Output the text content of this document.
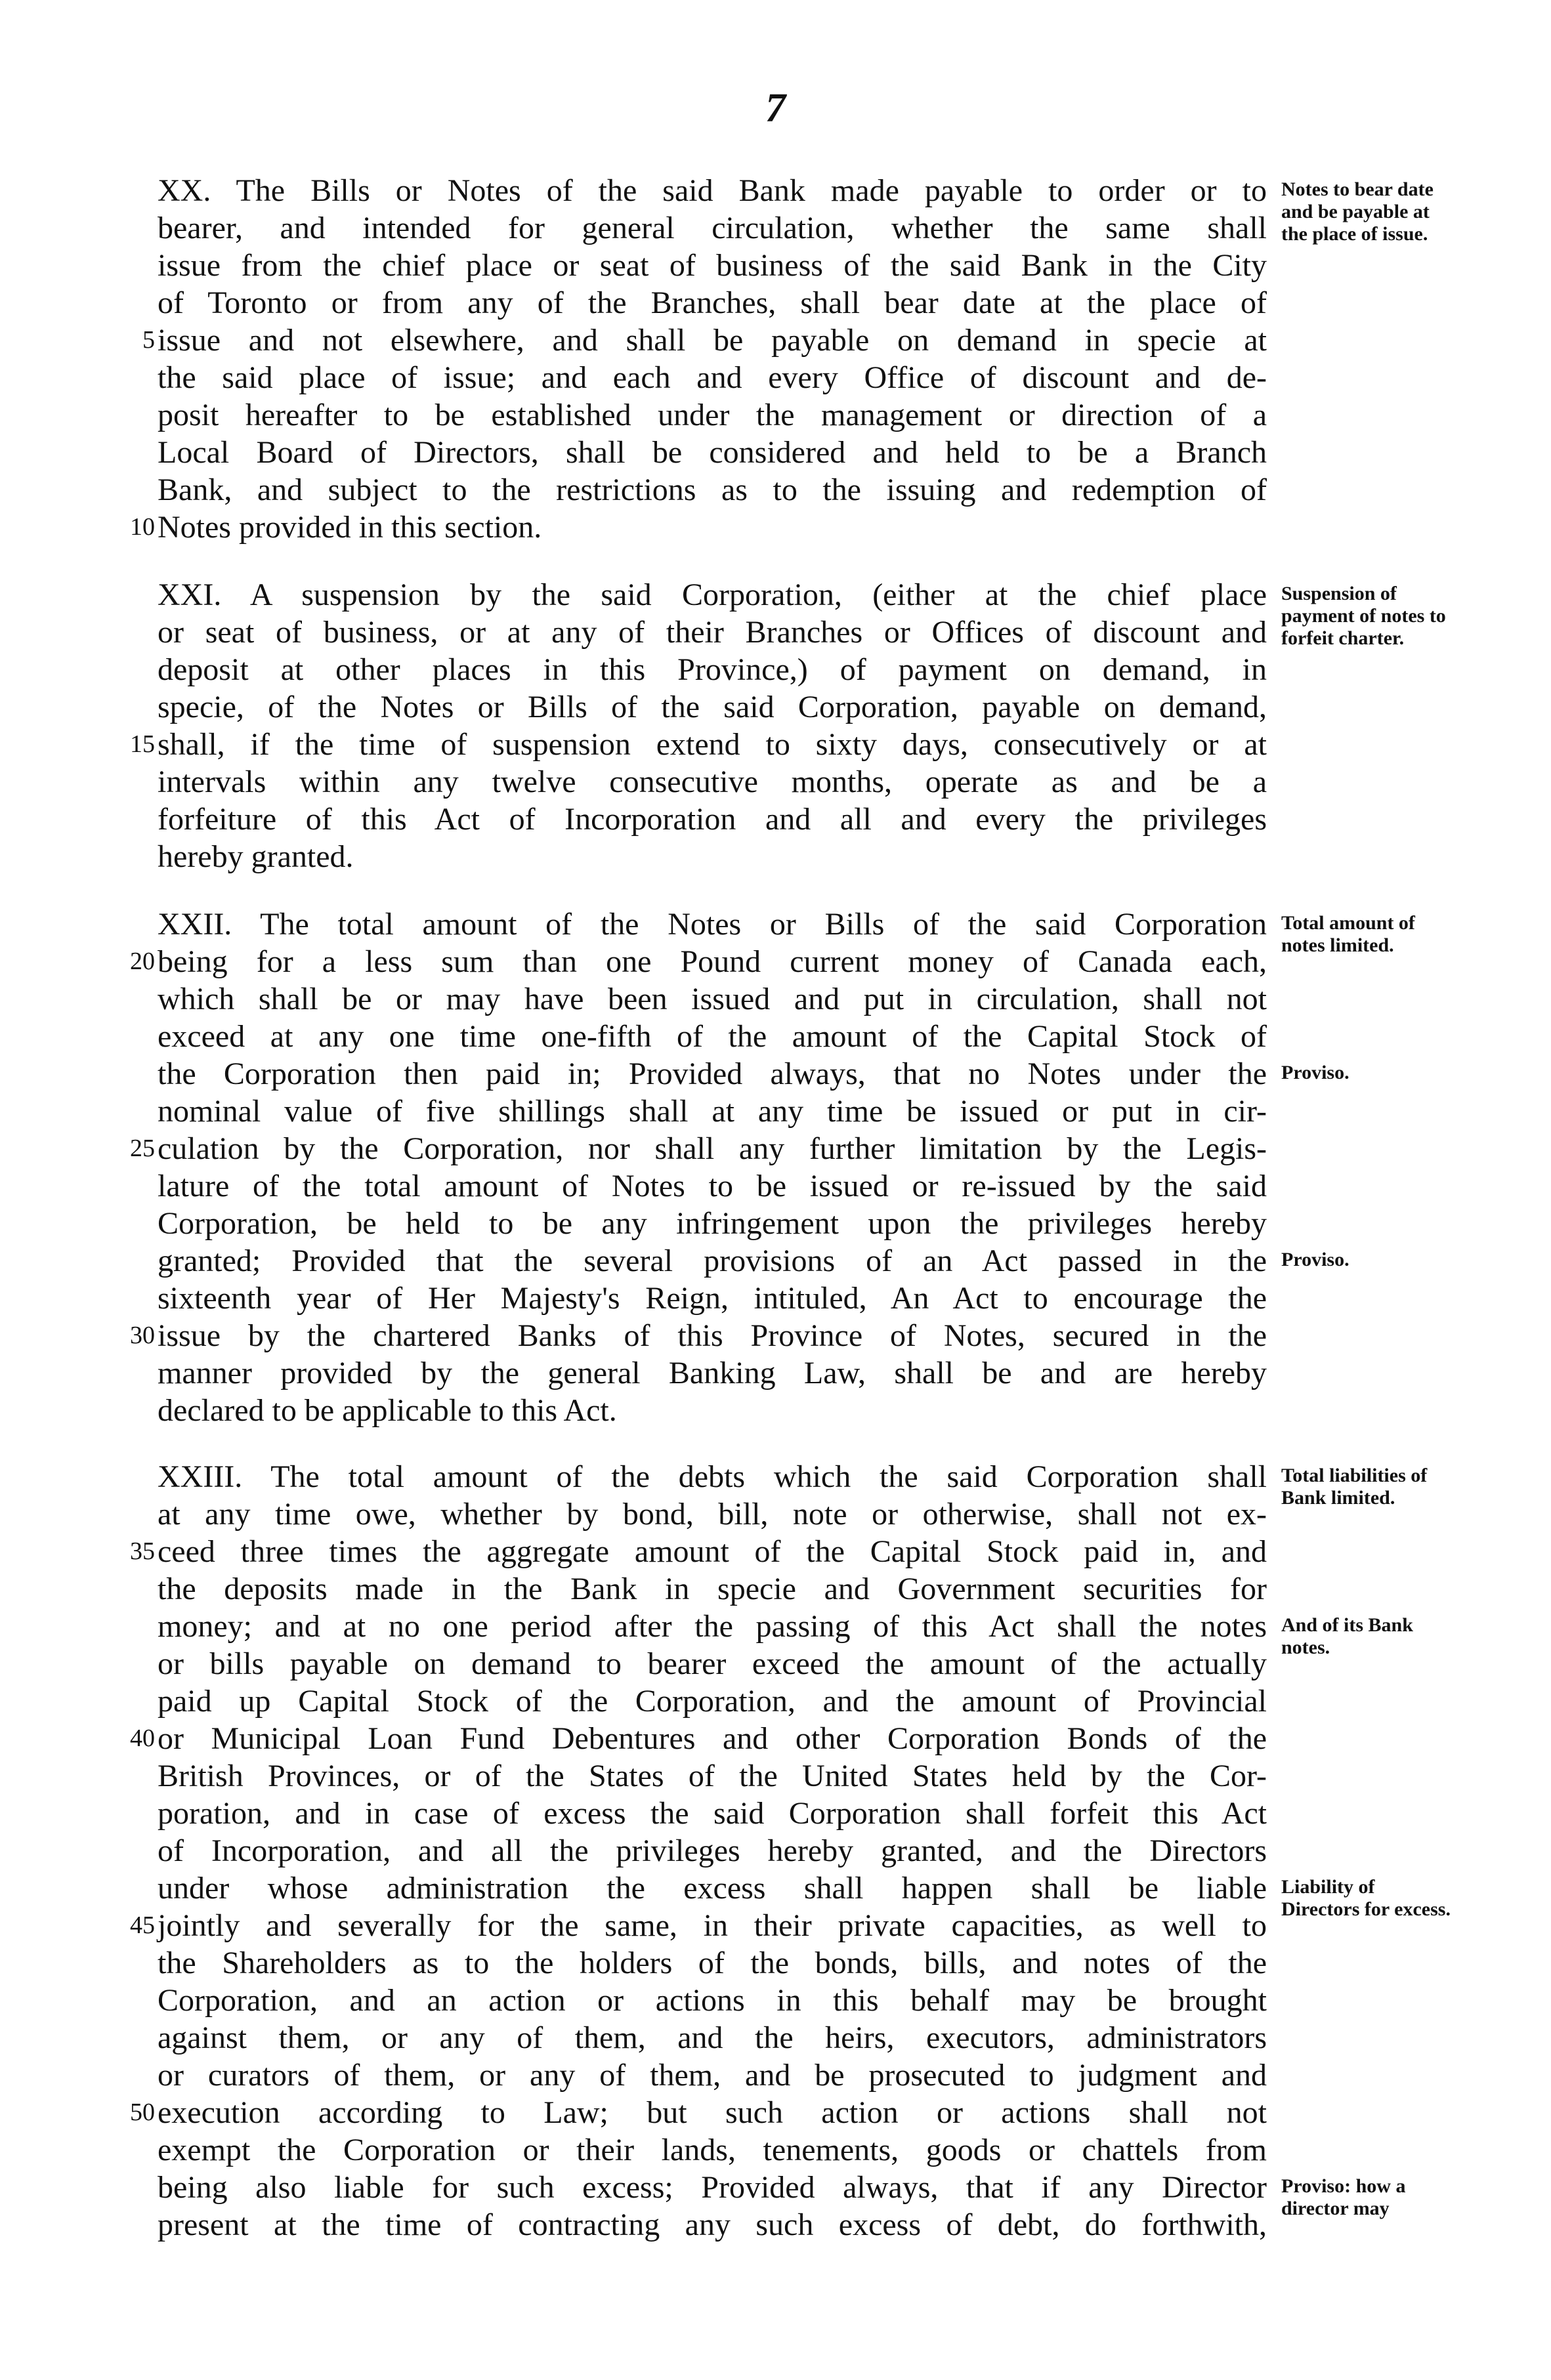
7
XX. The Bills or Notes of the said Bank made payable to order or to
bearer, and intended for general circulation, whether the same shall
issue from the chief place or seat of business of the said Bank in the City
of Toronto or from any of the Branches, shall bear date at the place of
issue and not elsewhere, and shall be payable on demand in specie at
the said place of issue; and each and every Office of discount and de-
posit hereafter to be established under the management or direction of a
Local Board of Directors, shall be considered and held to be a Branch
Bank, and subject to the restrictions as to the issuing and redemption of
Notes provided in this section.
Notes to bear date and be payable at the place of issue.
XXI. A suspension by the said Corporation, (either at the chief place
or seat of business, or at any of their Branches or Offices of discount and
deposit at other places in this Province,) of payment on demand, in
specie, of the Notes or Bills of the said Corporation, payable on demand,
shall, if the time of suspension extend to sixty days, consecutively or at
intervals within any twelve consecutive months, operate as and be a
forfeiture of this Act of Incorporation and all and every the privileges
hereby granted.
Suspension of payment of notes to forfeit charter.
XXII. The total amount of the Notes or Bills of the said Corporation
being for a less sum than one Pound current money of Canada each,
which shall be or may have been issued and put in circulation, shall not
exceed at any one time one-fifth of the amount of the Capital Stock of
the Corporation then paid in; Provided always, that no Notes under the
nominal value of five shillings shall at any time be issued or put in cir-
culation by the Corporation, nor shall any further limitation by the Legis-
lature of the total amount of Notes to be issued or re-issued by the said
Corporation, be held to be any infringement upon the privileges hereby
granted; Provided that the several provisions of an Act passed in the
sixteenth year of Her Majesty's Reign, intituled, An Act to encourage the
issue by the chartered Banks of this Province of Notes, secured in the
manner provided by the general Banking Law, shall be and are hereby
declared to be applicable to this Act.
Total amount of notes limited.
Proviso.
Proviso.
XXIII. The total amount of the debts which the said Corporation shall
at any time owe, whether by bond, bill, note or otherwise, shall not ex-
ceed three times the aggregate amount of the Capital Stock paid in, and
the deposits made in the Bank in specie and Government securities for
money; and at no one period after the passing of this Act shall the notes
or bills payable on demand to bearer exceed the amount of the actually
paid up Capital Stock of the Corporation, and the amount of Provincial
or Municipal Loan Fund Debentures and other Corporation Bonds of the
British Provinces, or of the States of the United States held by the Cor-
poration, and in case of excess the said Corporation shall forfeit this Act
of Incorporation, and all the privileges hereby granted, and the Directors
under whose administration the excess shall happen shall be liable
jointly and severally for the same, in their private capacities, as well to
the Shareholders as to the holders of the bonds, bills, and notes of the
Corporation, and an action or actions in this behalf may be brought
against them, or any of them, and the heirs, executors, administrators
or curators of them, or any of them, and be prosecuted to judgment and
execution according to Law; but such action or actions shall not
exempt the Corporation or their lands, tenements, goods or chattels from
being also liable for such excess; Provided always, that if any Director
present at the time of contracting any such excess of debt, do forthwith,
Total liabilities of Bank limited.
And of its Bank notes.
Liability of Directors for excess.
Proviso: how a director may
5
10
15
20
25
30
35
40
45
50
